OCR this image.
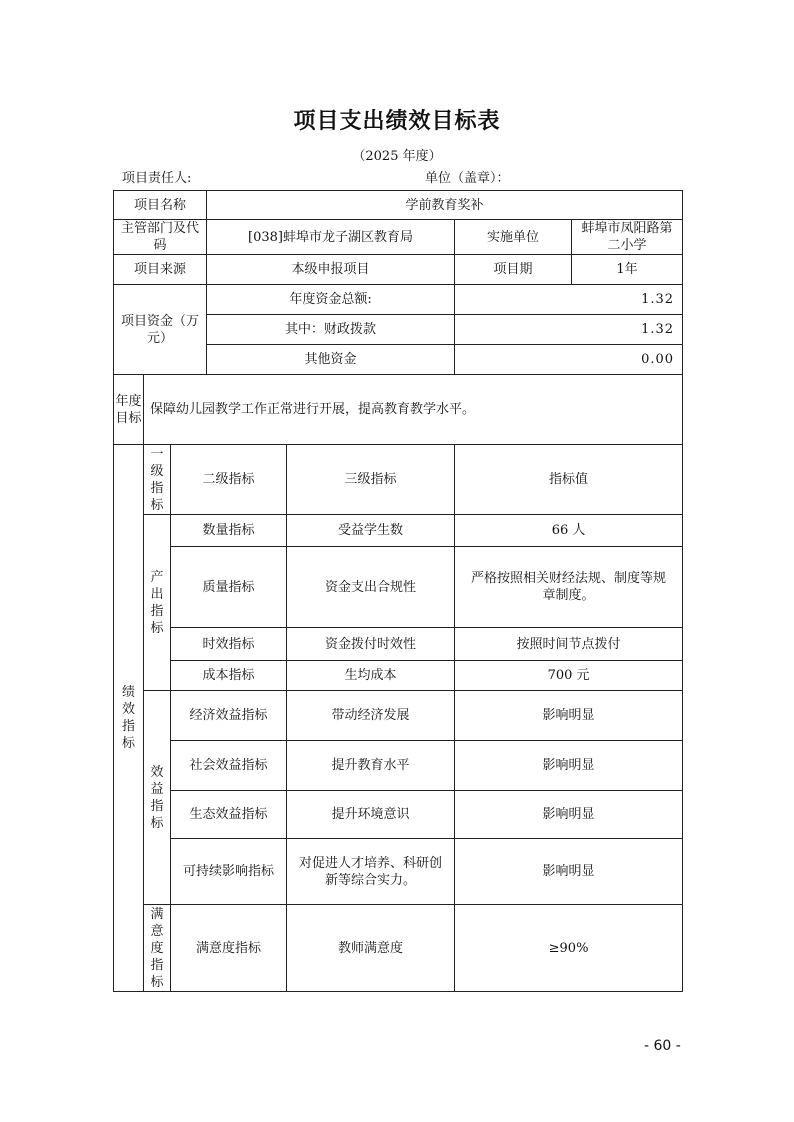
项目支出绩效目标表
（2025 年度）
项目责任人:	单位（盖章）：
项目名称			学前教育奖补			
主管部门及代码			[038]蚌埠市龙子湖区教育局		实施单位	蚌埠市凤阳路第二小学
项目来源			本级申报项目		项目期	1年
项目资金（万元）			年度资金总额:		1.32	
			其中：财政拨款		1.32	
			其他资金		0.00	
年度目标	保障幼儿园教学工作正常进行开展，提高教育教学水平。					
绩效指标	一级指标	二级指标		三级指标	指标值	
	产出指标	数量指标		受益学生数	66 人	
		质量指标		资金支出合规性	严格按照相关财经法规、制度等规章制度。	
		时效指标		资金拨付时效性	按照时间节点拨付	
		成本指标		生均成本	700 元	
	效益指标	经济效益指标		带动经济发展	影响明显	
		社会效益指标		提升教育水平	影响明显	
		生态效益指标		提升环境意识	影响明显	
		可持续影响指标		对促进人才培养、科研创新等综合实力。	影响明显	
	满意度指标	满意度指标		教师满意度	≥90%	
- 60 -
